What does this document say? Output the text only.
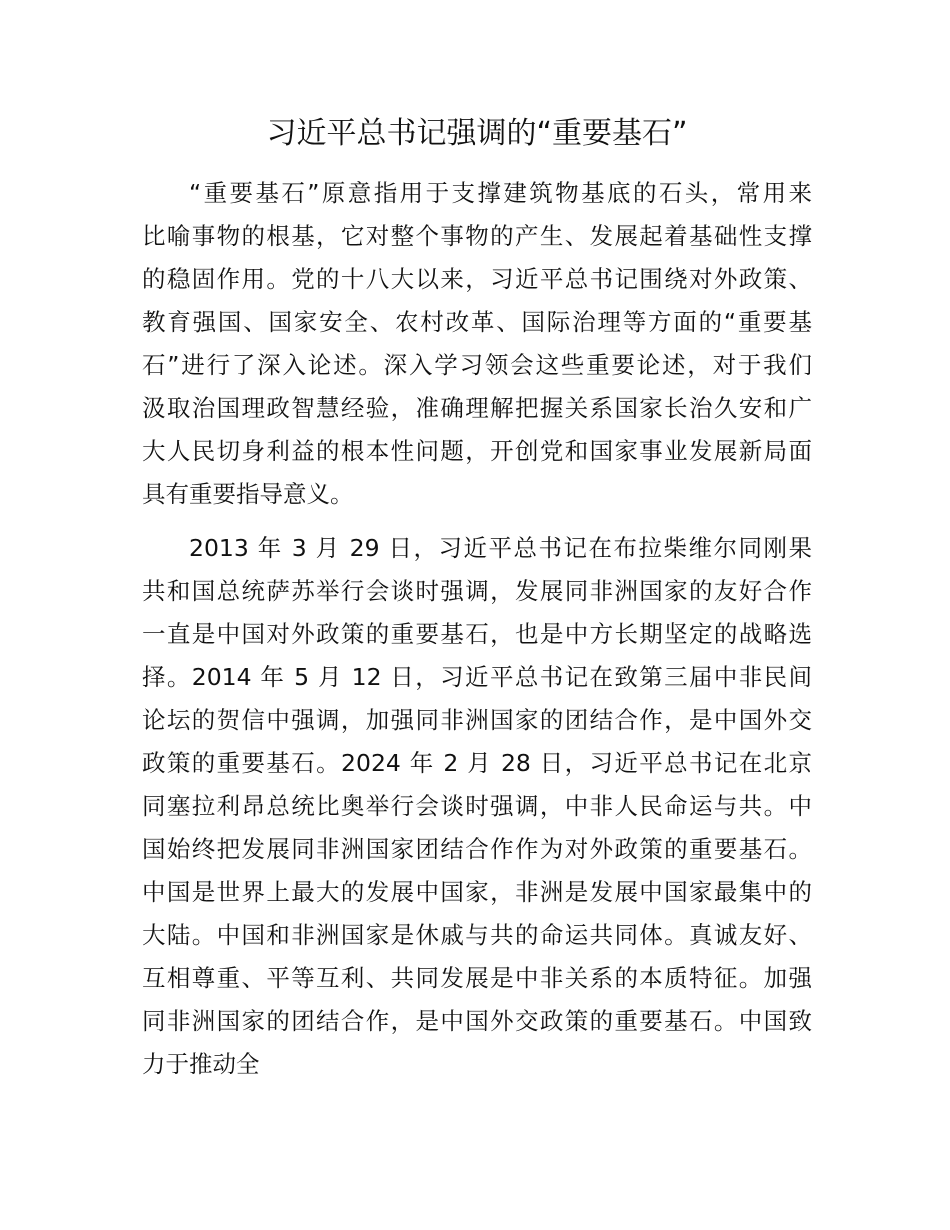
习近平总书记强调的“重要基石”
“重要基石”原意指用于支撑建筑物基底的石头，常用来
比喻事物的根基，它对整个事物的产生、发展起着基础性支撑
的稳固作用。党的十八大以来，习近平总书记围绕对外政策、
教育强国、国家安全、农村改革、国际治理等方面的“重要基
石”进行了深入论述。深入学习领会这些重要论述，对于我们
汲取治国理政智慧经验，准确理解把握关系国家长治久安和广
大人民切身利益的根本性问题，开创党和国家事业发展新局面
具有重要指导意义。
2013 年 3 月 29 日，习近平总书记在布拉柴维尔同刚果
共和国总统萨苏举行会谈时强调，发展同非洲国家的友好合作
一直是中国对外政策的重要基石，也是中方长期坚定的战略选
择。2014 年 5 月 12 日，习近平总书记在致第三届中非民间
论坛的贺信中强调，加强同非洲国家的团结合作，是中国外交
政策的重要基石。2024 年 2 月 28 日，习近平总书记在北京
同塞拉利昂总统比奥举行会谈时强调，中非人民命运与共。中
国始终把发展同非洲国家团结合作作为对外政策的重要基石。
中国是世界上最大的发展中国家，非洲是发展中国家最集中的
大陆。中国和非洲国家是休戚与共的命运共同体。真诚友好、
互相尊重、平等互利、共同发展是中非关系的本质特征。加强
同非洲国家的团结合作，是中国外交政策的重要基石。中国致
力于推动全
